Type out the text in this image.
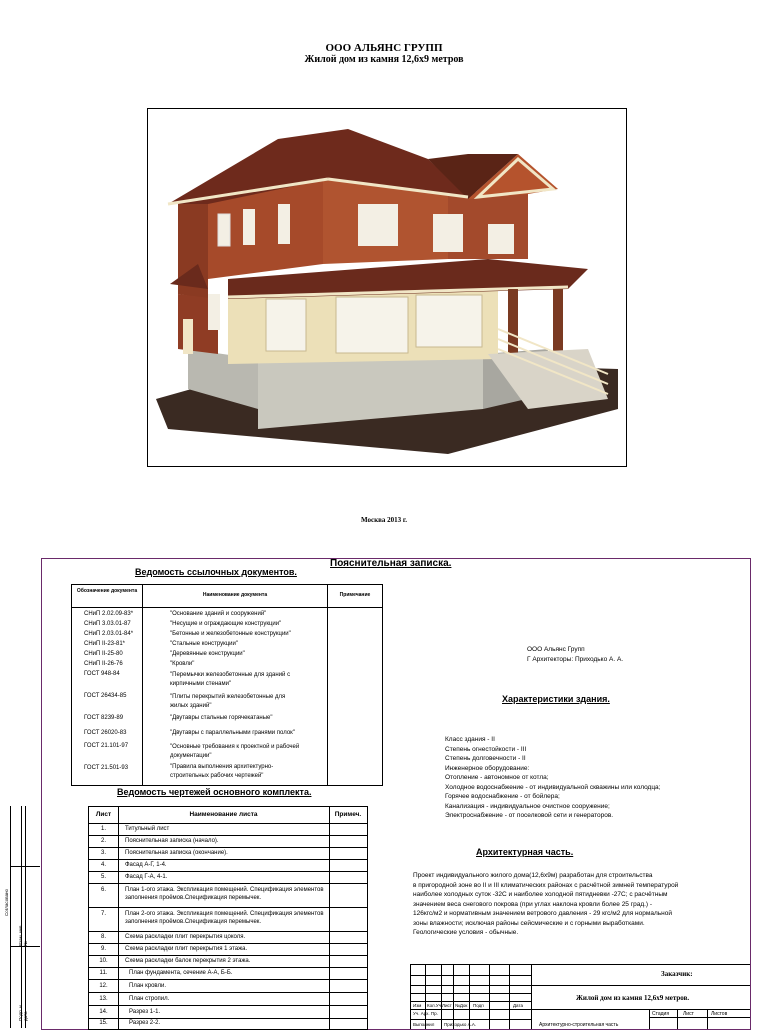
ООО АЛЬЯНС ГРУПП
Жилой дом из камня 12,6x9 метров
Москва 2013 г.
Согласовано
Взам. инв. №
Подп. и дата
Пояснительная записка.
Ведомость ссылочных документов.
Обозначение документа
Наименование документа	Примечание
СНиП 2.02.09-83*	"Основание зданий и сооружений"
СНиП 3.03.01-87	"Несущие и ограждающие конструкции"
СНиП 2.03.01-84*	"Бетонные и железобетонные конструкции"
СНиП II-23-81*	"Стальные конструкции"
СНиП II-25-80	"Деревянные конструкции"
СНиП II-26-76	"Кровли"
ГОСТ 948-84	"Перемычки железобетонные для зданий с кирпичными стенами"
ГОСТ 26434-85	"Плиты перекрытий железобетонные для жилых зданий"
ГОСТ 8239-89	"Двутавры стальные горячекатаные"
ГОСТ 26020-83	"Двутавры с параллельными гранями полок"
ГОСТ 21.101-97	"Основные требования к проектной и рабочей документации"
ГОСТ 21.501-93	"Правила выполнения архитектурно-строительных рабочих чертежей"
Ведомость чертежей основного комплекта.
Лист	Наименование листа	Примеч.
1.	Титульный лист
2.	Пояснительная записка (начало).
3.	Пояснительная записка (окончание).
4.	Фасад А-Г, 1-4.
5.	Фасад Г-А, 4-1.
6.	План 1-ого этажа. Экспликация помещений. Спецификация элементов заполнения проёмов.Спецификация перемычек.
7.	План 2-ого этажа. Экспликация помещений. Спецификация элементов заполнения проёмов.Спецификация перемычек.
8.	Схема раскладки плит перекрытия цоколя.
9.	Схема раскладки плит перекрытия 1 этажа.
10.	Схема раскладки балок перекрытия 2 этажа.
11.	План фундамента, сечение А-А, Б-Б.
12.	План кровли.
13.	План стропил.
14.	Разрез 1-1.
15.	Разрез 2-2.
ООО Альянс Групп
Г Архитекторы: Приходько А. А.
Характеристики здания.
Класс здания - II
Степень огнестойкости - III
Степень долговечности - II
Инженерное оборудование:
Отопление - автономное от котла;
Холодное водоснабжение - от индивидуальной скважины или колодца;
Горячее водоснабжение - от бойлера;
Канализация - индивидуальное очистное сооружение;
Электроснабжение - от поселковой сети и генераторов.
Архитектурная часть.
Проект индивидуального жилого дома(12,6x9м) разработан для строительства
в пригородной зоне во II и III климатических районах с расчётной зимней температурой
наиболее холодных суток -32С и наиболее холодной пятидневки -27С; с расчётным
значением веса снегового покрова (при углах наклона кровли более 25 град.) -
126кгс/м2 и нормативным значением ветрового давления - 29 кгс/м2 для нормальной
зоны влажности; исключая районы сейсмические и с горными выработками.
Геологические условия - обычные.
Изм Кол.Уч Лист №Док Подп	Дата
Уч. Арх. Пр.
Выполнил Приходько А.А.
Заказчик:
Жилой дом из камня 12,6x9 метров.
Стадия	Лист	Листов
Архитектурно-строительная часть
